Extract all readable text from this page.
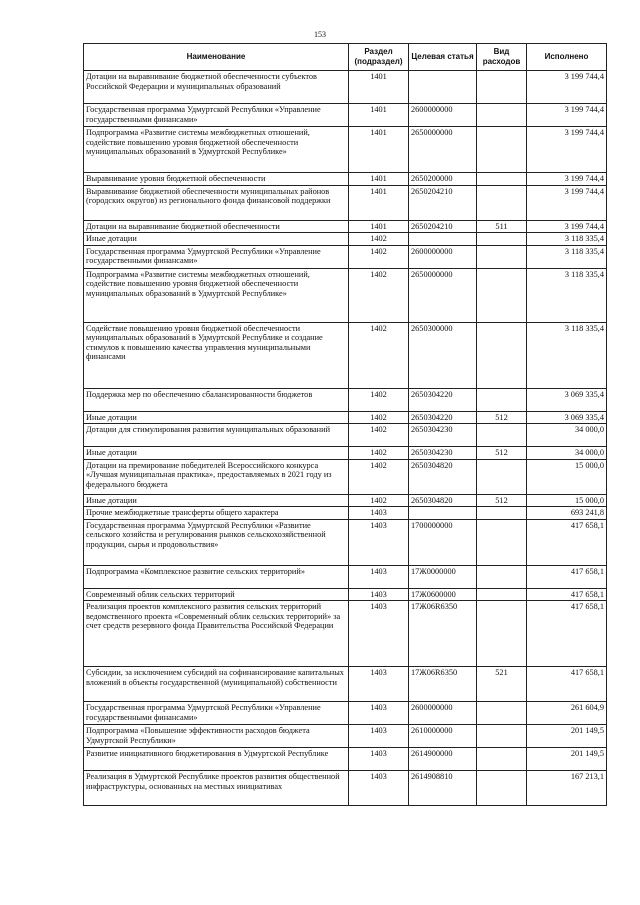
153
Наименование	Раздел (подраздел)	Целевая статья	Вид расходов	Исполнено
Дотации на выравнивание бюджетной обеспеченности субъектов Российской Федерации и муниципальных образований	1401			3 199 744,4
Государственная программа Удмуртской Республики «Управление государственными финансами»	1401	2600000000		3 199 744,4
Подпрограмма «Развитие системы межбюджетных отношений, содействие повышению уровня бюджетной обеспеченности муниципальных образований в Удмуртской Республике»	1401	2650000000		3 199 744,4
Выравнивание уровня бюджетной обеспеченности	1401	2650200000		3 199 744,4
Выравнивание бюджетной обеспеченности муниципальных районов (городских округов) из регионального фонда финансовой поддержки	1401	2650204210		3 199 744,4
Дотации на выравнивание бюджетной обеспеченности	1401	2650204210	511	3 199 744,4
Иные дотации	1402			3 118 335,4
Государственная программа Удмуртской Республики «Управление государственными финансами»	1402	2600000000		3 118 335,4
Подпрограмма «Развитие системы межбюджетных отношений, содействие повышению уровня бюджетной обеспеченности муниципальных образований в Удмуртской Республике»	1402	2650000000		3 118 335,4
Содействие повышению уровня бюджетной обеспеченности муниципальных образований в Удмуртской Республике и создание стимулов к повышению качества управления муниципальными финансами	1402	2650300000		3 118 335,4
Поддержка мер по обеспечению сбалансированности бюджетов	1402	2650304220		3 069 335,4
Иные дотации	1402	2650304220	512	3 069 335,4
Дотации для стимулирования развития муниципальных образований	1402	2650304230		34 000,0
Иные дотации	1402	2650304230	512	34 000,0
Дотации на премирование победителей Всероссийского конкурса «Лучшая муниципальная практика», предоставляемых в 2021 году из федерального бюджета	1402	2650304820		15 000,0
Иные дотации	1402	2650304820	512	15 000,0
Прочие межбюджетные трансферты общего характера	1403			693 241,8
Государственная программа Удмуртской Республики «Развитие сельского хозяйства и регулирования рынков сельскохозяйственной продукции, сырья и продовольствия»	1403	1700000000		417 658,1
Подпрограмма «Комплексное развитие сельских территорий»	1403	17Ж0000000		417 658,1
Современный облик сельских территорий	1403	17Ж0600000		417 658,1
Реализация проектов комплексного развития сельских территорий ведомственного проекта «Современный облик сельских территорий» за счет средств резервного фонда Правительства Российской Федерации	1403	17Ж06R6350		417 658,1
Субсидии, за исключением субсидий на софинансирование капитальных вложений в объекты государственной (муниципальной) собственности	1403	17Ж06R6350	521	417 658,1
Государственная программа Удмуртской Республики «Управление государственными финансами»	1403	2600000000		261 604,9
Подпрограмма «Повышение эффективности расходов бюджета Удмуртской Республики»	1403	2610000000		201 149,5
Развитие инициативного бюджетирования в Удмуртской Республике	1403	2614900000		201 149,5
Реализация в Удмуртской Республике проектов развития общественной инфраструктуры, основанных на местных инициативах	1403	2614908810		167 213,1
